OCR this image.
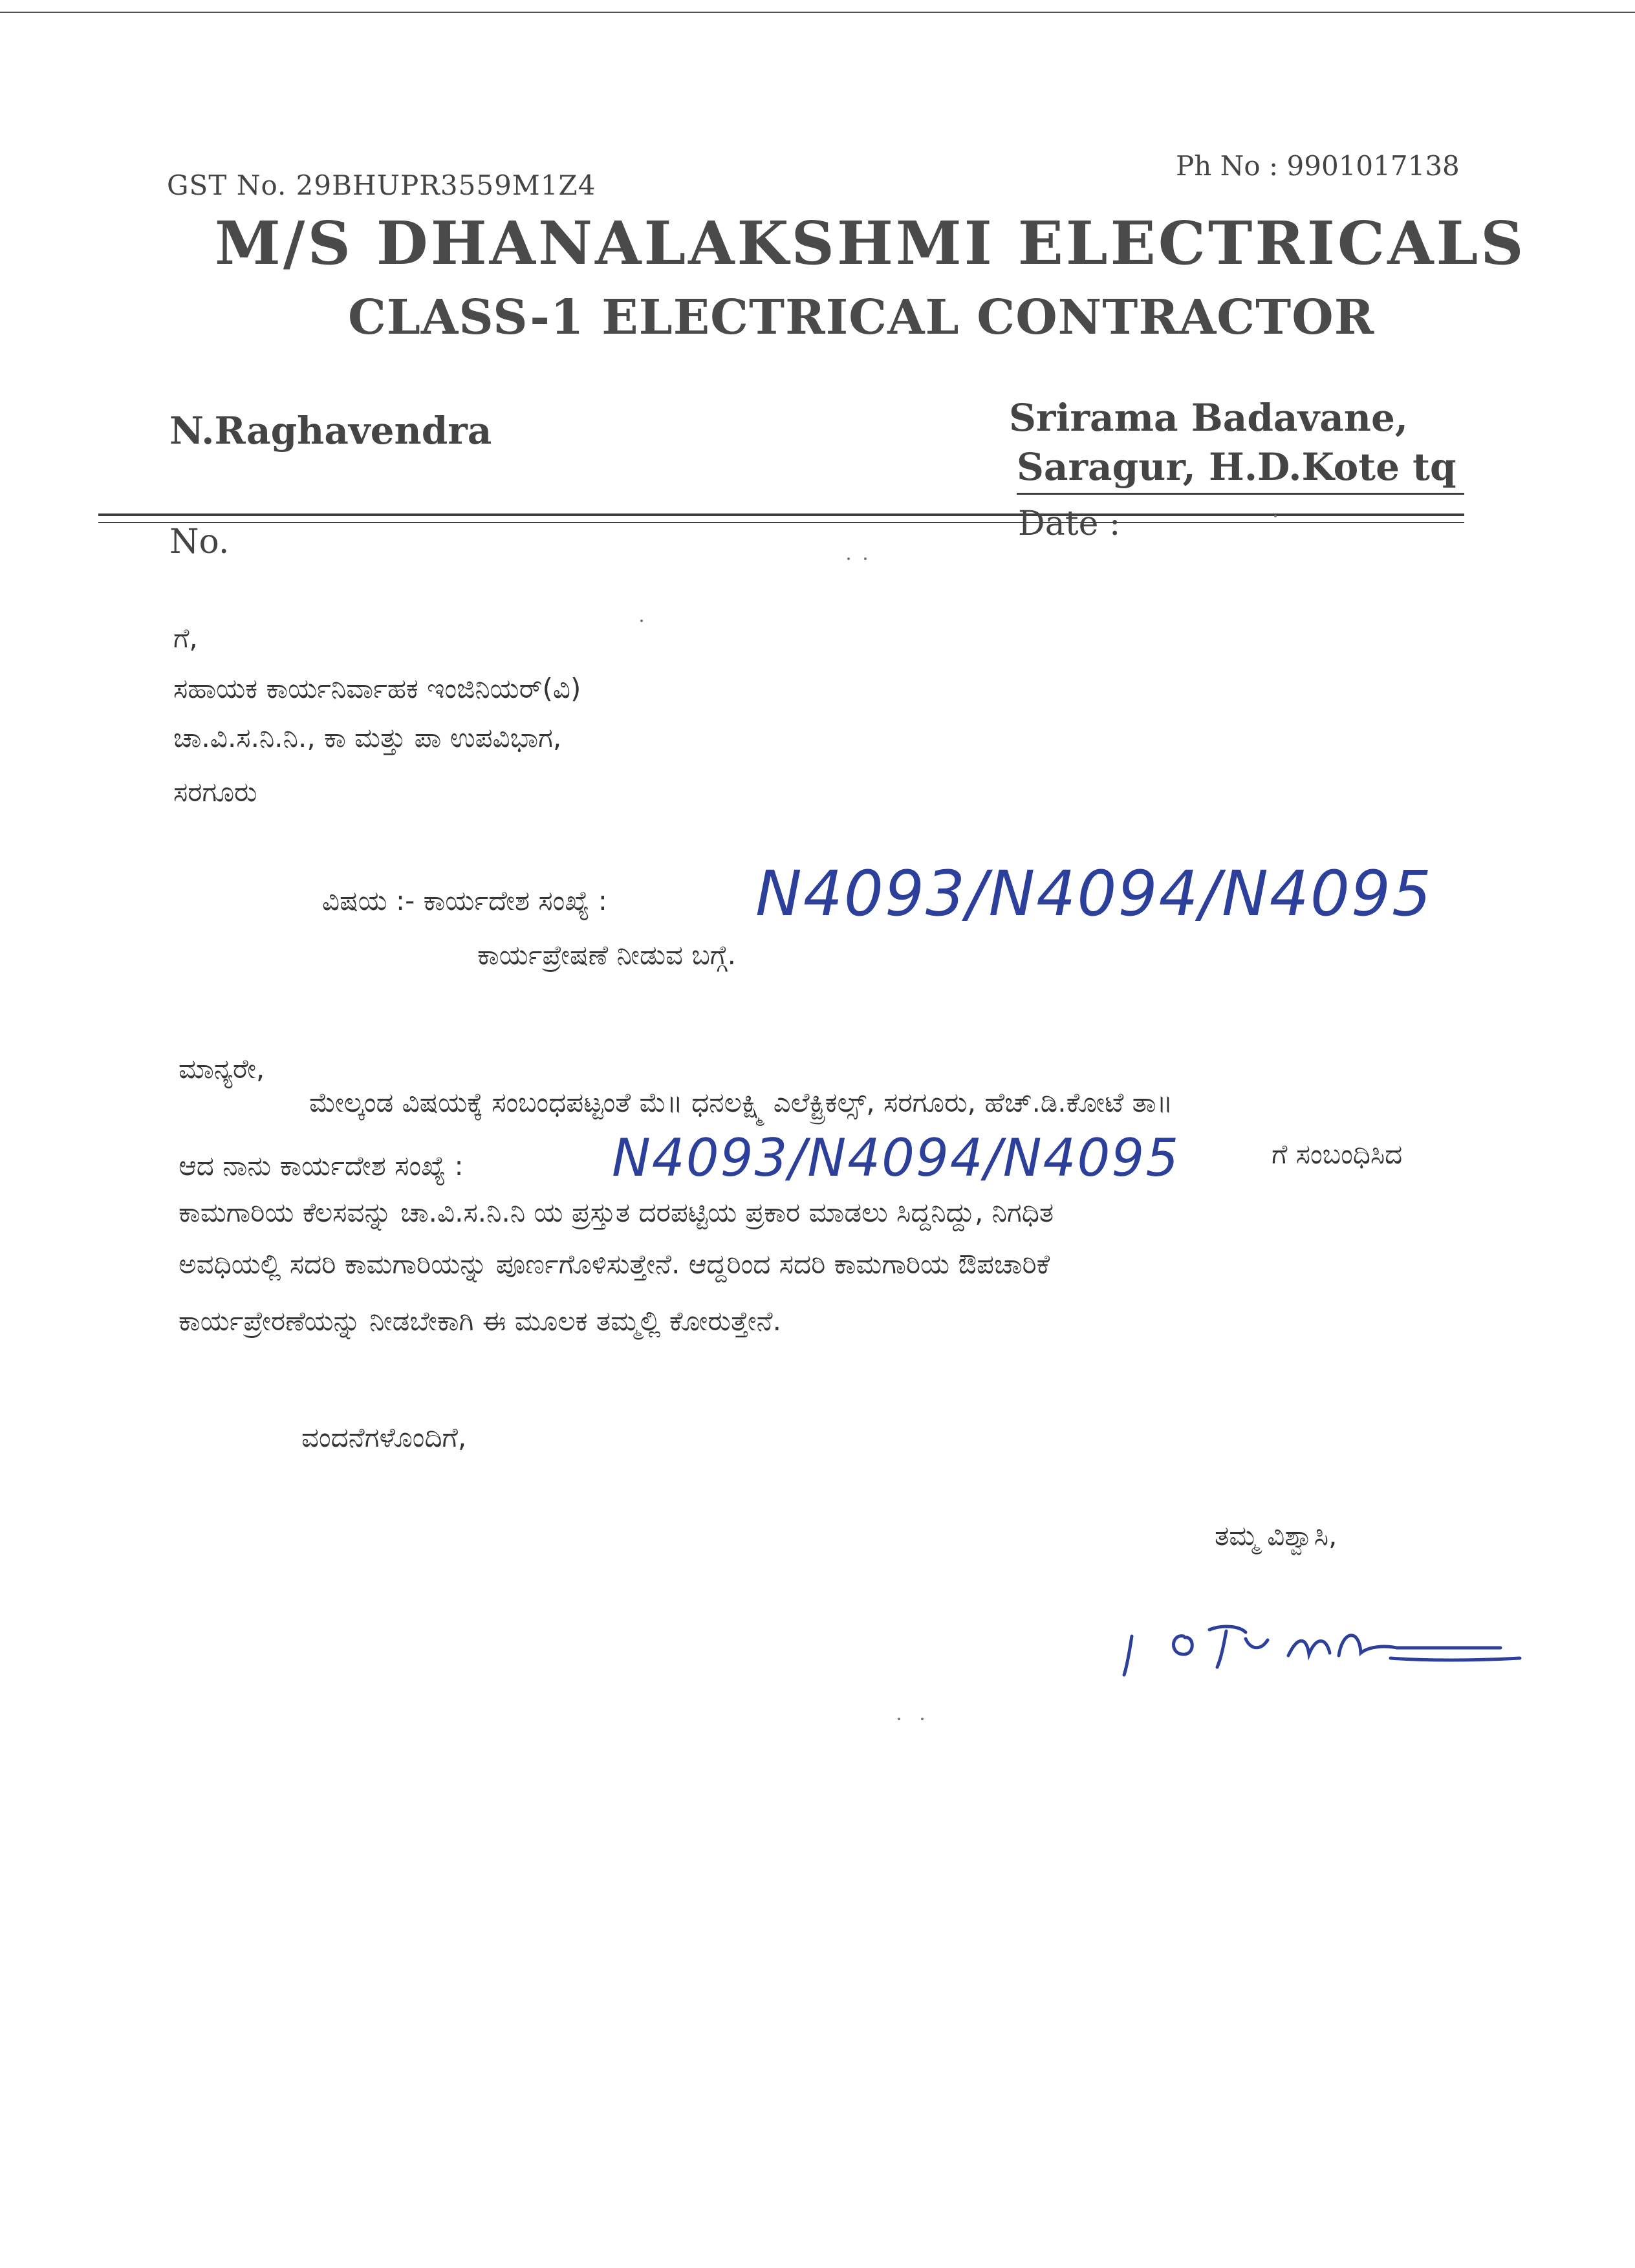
GST No. 29BHUPR3559M1Z4
Ph No : 9901017138
M/S DHANALAKSHMI ELECTRICALS
CLASS-1 ELECTRICAL CONTRACTOR
N.Raghavendra	Srirama Badavane,
Saragur, H.D.Kote tq
No.	Date :
ಗೆ,
ಸಹಾಯಕ ಕಾರ್ಯನಿರ್ವಾಹಕ ಇಂಜಿನಿಯರ್(ವಿ)
ಚಾ.ವಿ.ಸ.ನಿ.ನಿ., ಕಾ ಮತ್ತು ಪಾ ಉಪವಿಭಾಗ,
ಸರಗೂರು
ವಿಷಯ :- ಕಾರ್ಯದೇಶ ಸಂಖ್ಯೆ : N4093/N4094/N4095
ಕಾರ್ಯಪ್ರೇಷಣೆ ನೀಡುವ ಬಗ್ಗೆ.
ಮಾನ್ಯರೇ,
ಮೇಲ್ಕಂಡ ವಿಷಯಕ್ಕೆ ಸಂಬಂಧಪಟ್ಟಂತೆ ಮೆ॥ ಧನಲಕ್ಷ್ಮಿ ಎಲೆಕ್ಟ್ರಿಕಲ್ಸ್, ಸರಗೂರು, ಹೆಚ್.ಡಿ.ಕೋಟೆ ತಾ॥
ಆದ ನಾನು ಕಾರ್ಯದೇಶ ಸಂಖ್ಯೆ :	N4093/N4094/N4095	ಗೆ ಸಂಬಂಧಿಸಿದ
ಕಾಮಗಾರಿಯ ಕೆಲಸವನ್ನು ಚಾ.ವಿ.ಸ.ನಿ.ನಿ ಯ ಪ್ರಸ್ತುತ ದರಪಟ್ಟಿಯ ಪ್ರಕಾರ ಮಾಡಲು ಸಿದ್ದನಿದ್ದು, ನಿಗಧಿತ
ಅವಧಿಯಲ್ಲಿ ಸದರಿ ಕಾಮಗಾರಿಯನ್ನು ಪೂರ್ಣಗೊಳಿಸುತ್ತೇನೆ. ಆದ್ದರಿಂದ ಸದರಿ ಕಾಮಗಾರಿಯ ಔಪಚಾರಿಕೆ
ಕಾರ್ಯಪ್ರೇರಣೆಯನ್ನು ನೀಡಬೇಕಾಗಿ ಈ ಮೂಲಕ ತಮ್ಮಲ್ಲಿ ಕೋರುತ್ತೇನೆ.
ವಂದನೆಗಳೊಂದಿಗೆ,
ತಮ್ಮ ವಿಶ್ವಾಸಿ,
